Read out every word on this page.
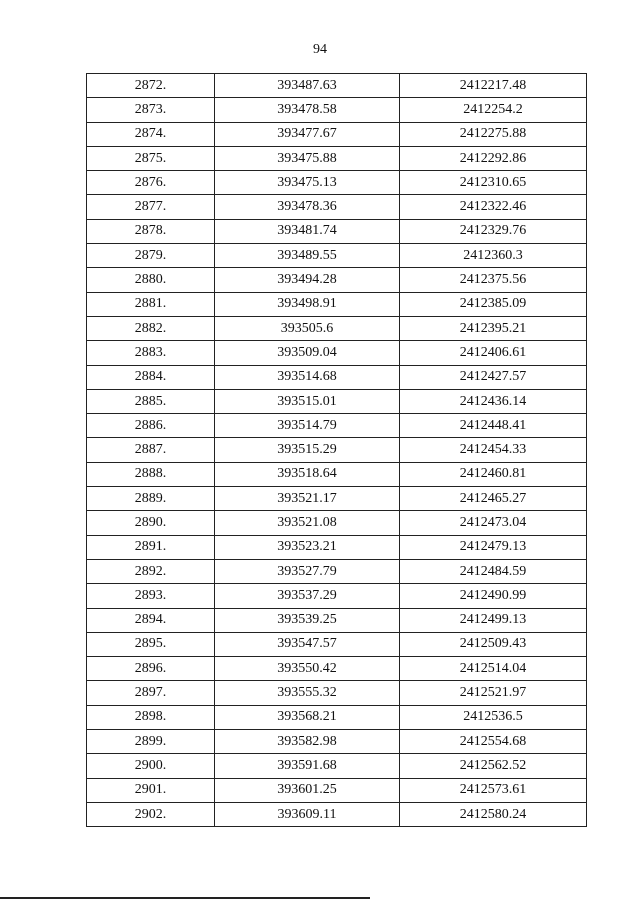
94
2872.	393487.63	2412217.48
2873.	393478.58	2412254.2
2874.	393477.67	2412275.88
2875.	393475.88	2412292.86
2876.	393475.13	2412310.65
2877.	393478.36	2412322.46
2878.	393481.74	2412329.76
2879.	393489.55	2412360.3
2880.	393494.28	2412375.56
2881.	393498.91	2412385.09
2882.	393505.6	2412395.21
2883.	393509.04	2412406.61
2884.	393514.68	2412427.57
2885.	393515.01	2412436.14
2886.	393514.79	2412448.41
2887.	393515.29	2412454.33
2888.	393518.64	2412460.81
2889.	393521.17	2412465.27
2890.	393521.08	2412473.04
2891.	393523.21	2412479.13
2892.	393527.79	2412484.59
2893.	393537.29	2412490.99
2894.	393539.25	2412499.13
2895.	393547.57	2412509.43
2896.	393550.42	2412514.04
2897.	393555.32	2412521.97
2898.	393568.21	2412536.5
2899.	393582.98	2412554.68
2900.	393591.68	2412562.52
2901.	393601.25	2412573.61
2902.	393609.11	2412580.24
